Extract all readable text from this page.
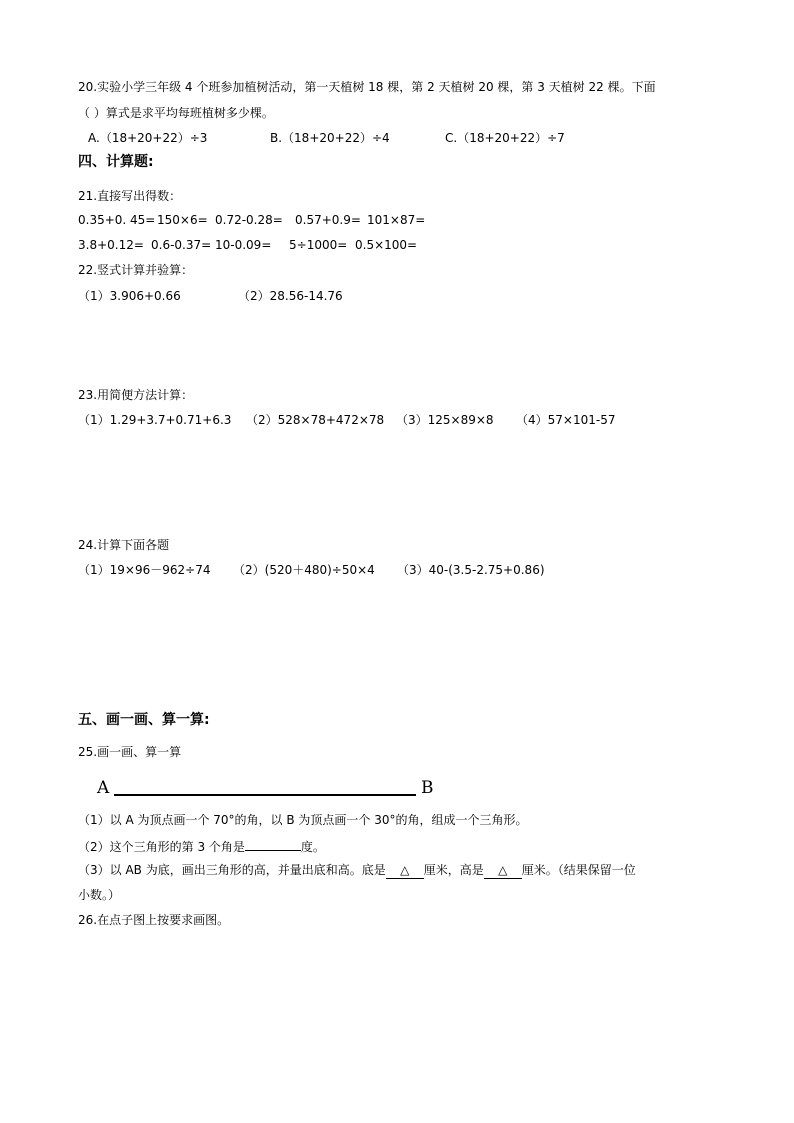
20.实验小学三年级 4 个班参加植树活动，第一天植树 18 棵，第 2 天植树 20 棵，第 3 天植树 22 棵。下面
（ ）算式是求平均每班植树多少棵。
A.（18+20+22）÷3	B.（18+20+22）÷4	C.（18+20+22）÷7
四、计算题:
21.直接写出得数：
0.35+0. 45= 150×6= 0.72-0.28= 0.57+0.9= 101×87=
3.8+0.12= 0.6-0.37= 10-0.09= 5÷1000= 0.5×100=
22.竖式计算并验算：
（1）3.906+0.66	（2）28.56-14.76
23.用简便方法计算：
（1）1.29+3.7+0.71+6.3 （2）528×78+472×78 （3）125×89×8 （4）57×101-57
24.计算下面各题
（1）19×96－962÷74 （2）(520＋480)÷50×4 （3）40-(3.5-2.75+0.86)
五、画一画、算一算:
25.画一画、算一算
A	B
（1）以 A 为顶点画一个 70°的角，以 B 为顶点画一个 30°的角，组成一个三角形。
（2）这个三角形的第 3 个角是	度。
（3）以 AB 为底，画出三角形的高，并量出底和高。底是 △ 厘米，高是 △ 厘米。（结果保留一位
小数。）
26.在点子图上按要求画图。
